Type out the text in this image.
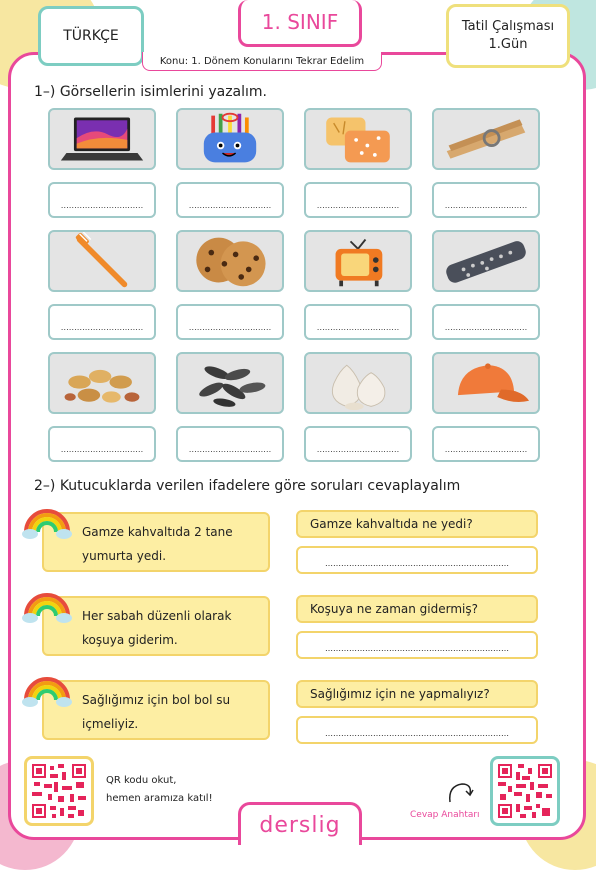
TÜRKÇE
1. SINIF	Tatil Çalışması
1.Gün
Konu: 1. Dönem Konularını Tekrar Edelim
1–) Görsellerin isimlerini yazalım.
…………………….……	…………………….……	…………………….……	…………………….……
…………………….……	…………………….……	…………………….……	…………………….……
…………………….……	…………………….……	…………………….……	…………………….……
2–) Kutucuklarda verilen ifadelere göre soruları cevaplayalım
Gamze kahvaltıda 2 tane yumurta yedi.
Gamze kahvaltıda ne yedi?
……………………………………………………………
Her sabah düzenli olarak koşuya giderim.
Koşuya ne zaman gidermiş?
……………………………………………………………
Sağlığımız için bol bol su içmeliyiz.
Sağlığımız için ne yapmalıyız?
……………………………………………………………
QR kodu okut,
hemen aramıza katıl!
derslig	Cevap Anahtarı
